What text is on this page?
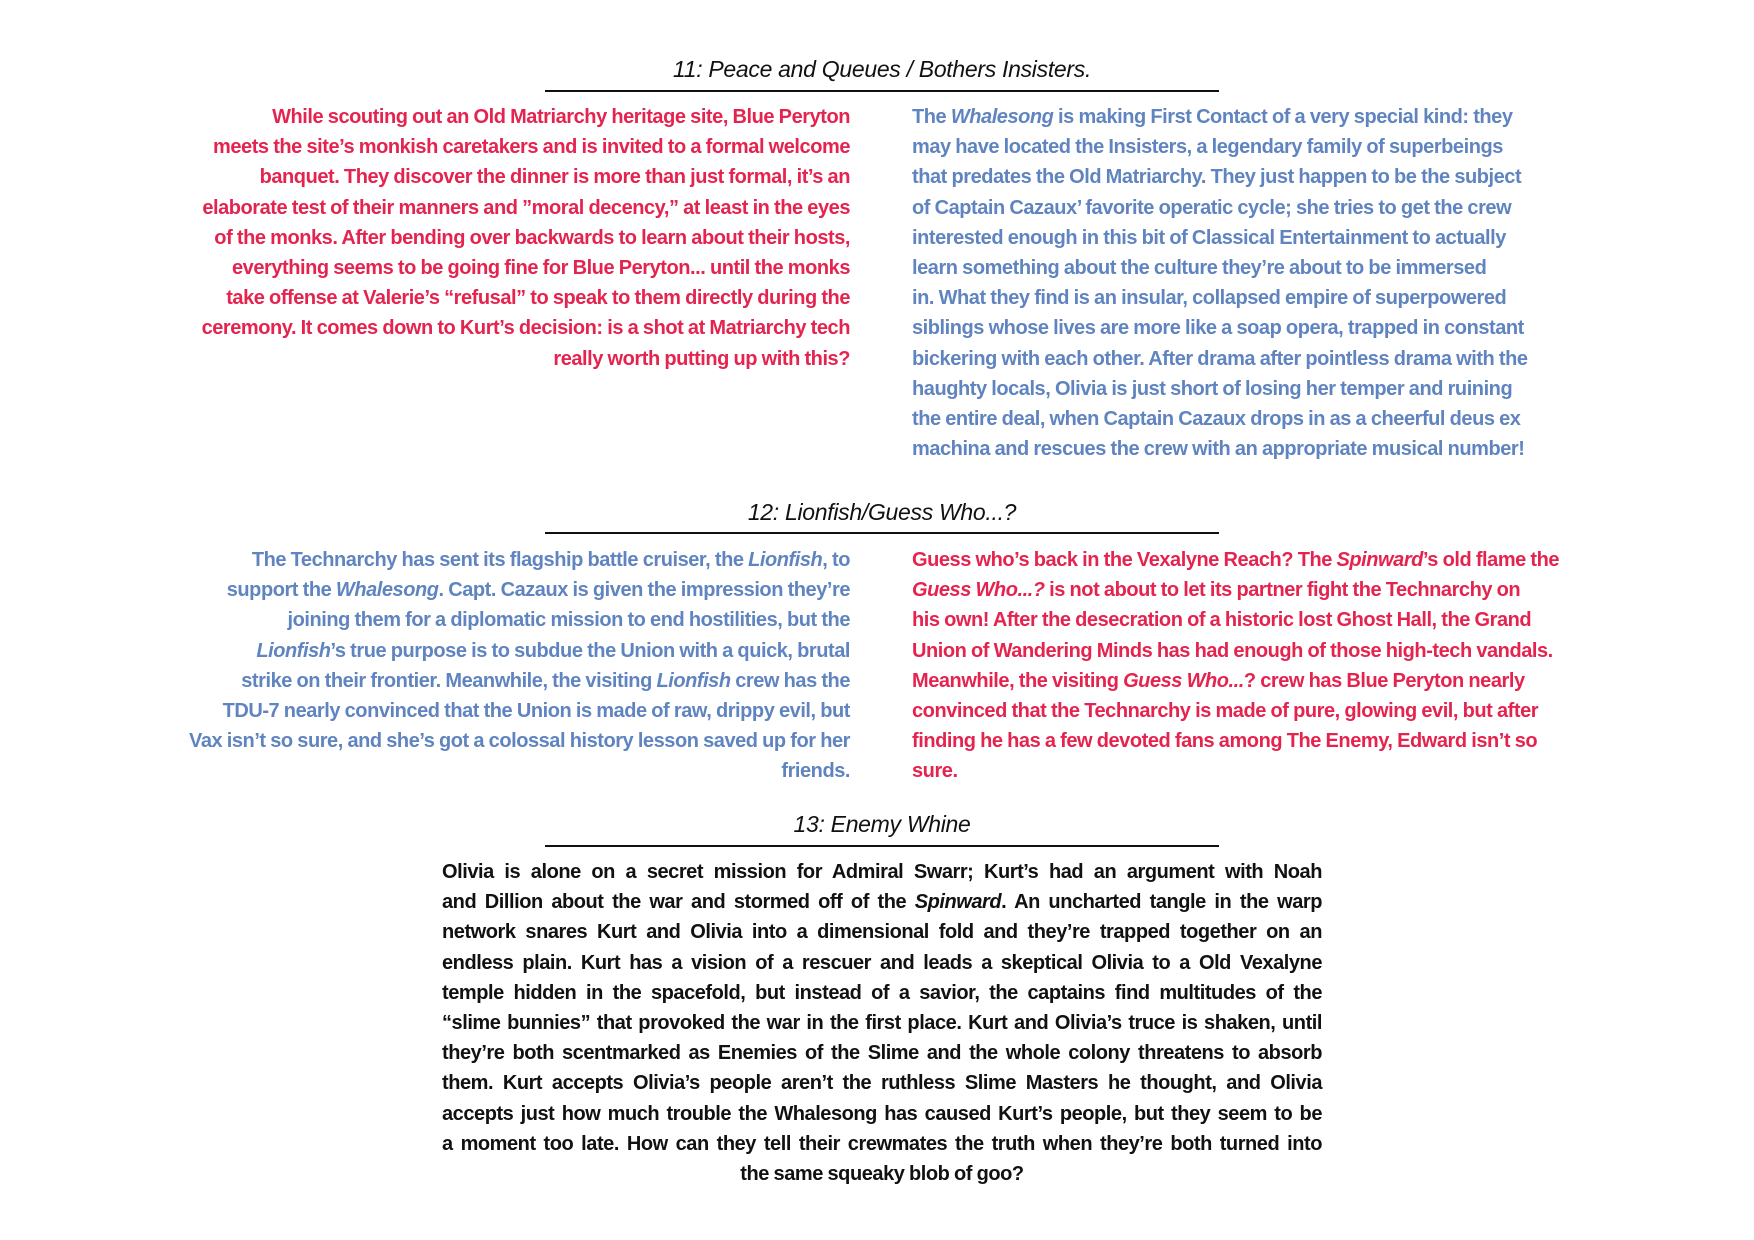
11: Peace and Queues / Bothers Insisters.
While scouting out an Old Matriarchy heritage site, Blue Peryton
meets the site’s monkish caretakers and is invited to a formal welcome
banquet. They discover the dinner is more than just formal, it’s an
elaborate test of their manners and ”moral decency,” at least in the eyes
of the monks. After bending over backwards to learn about their hosts,
everything seems to be going fine for Blue Peryton... until the monks
take offense at Valerie’s “refusal” to speak to them directly during the
ceremony. It comes down to Kurt’s decision: is a shot at Matriarchy tech
really worth putting up with this?
The Whalesong is making First Contact of a very special kind: they
may have located the Insisters, a legendary family of superbeings
that predates the Old Matriarchy. They just happen to be the subject
of Captain Cazaux’ favorite operatic cycle; she tries to get the crew
interested enough in this bit of Classical Entertainment to actually
learn something about the culture they’re about to be immersed
in. What they find is an insular, collapsed empire of superpowered
siblings whose lives are more like a soap opera, trapped in constant
bickering with each other. After drama after pointless drama with the
haughty locals, Olivia is just short of losing her temper and ruining
the entire deal, when Captain Cazaux drops in as a cheerful deus ex
machina and rescues the crew with an appropriate musical number!
12: Lionfish/Guess Who...?
The Technarchy has sent its flagship battle cruiser, the Lionfish, to
support the Whalesong. Capt. Cazaux is given the impression they’re
joining them for a diplomatic mission to end hostilities, but the
Lionfish’s true purpose is to subdue the Union with a quick, brutal
strike on their frontier. Meanwhile, the visiting Lionfish crew has the
TDU-7 nearly convinced that the Union is made of raw, drippy evil, but
Vax isn’t so sure, and she’s got a colossal history lesson saved up for her
friends.
Guess who’s back in the Vexalyne Reach? The Spinward’s old flame the
Guess Who...? is not about to let its partner fight the Technarchy on
his own! After the desecration of a historic lost Ghost Hall, the Grand
Union of Wandering Minds has had enough of those high-tech vandals.
Meanwhile, the visiting Guess Who...? crew has Blue Peryton nearly
convinced that the Technarchy is made of pure, glowing evil, but after
finding he has a few devoted fans among The Enemy, Edward isn’t so
sure.
13: Enemy Whine
Olivia is alone on a secret mission for Admiral Swarr; Kurt’s had an argument with Noah
and Dillion about the war and stormed off of the Spinward. An uncharted tangle in the warp
network snares Kurt and Olivia into a dimensional fold and they’re trapped together on an
endless plain. Kurt has a vision of a rescuer and leads a skeptical Olivia to a Old Vexalyne
temple hidden in the spacefold, but instead of a savior, the captains find multitudes of the
“slime bunnies” that provoked the war in the first place. Kurt and Olivia’s truce is shaken, until
they’re both scentmarked as Enemies of the Slime and the whole colony threatens to absorb
them. Kurt accepts Olivia’s people aren’t the ruthless Slime Masters he thought, and Olivia
accepts just how much trouble the Whalesong has caused Kurt’s people, but they seem to be
a moment too late. How can they tell their crewmates the truth when they’re both turned into
the same squeaky blob of goo?
